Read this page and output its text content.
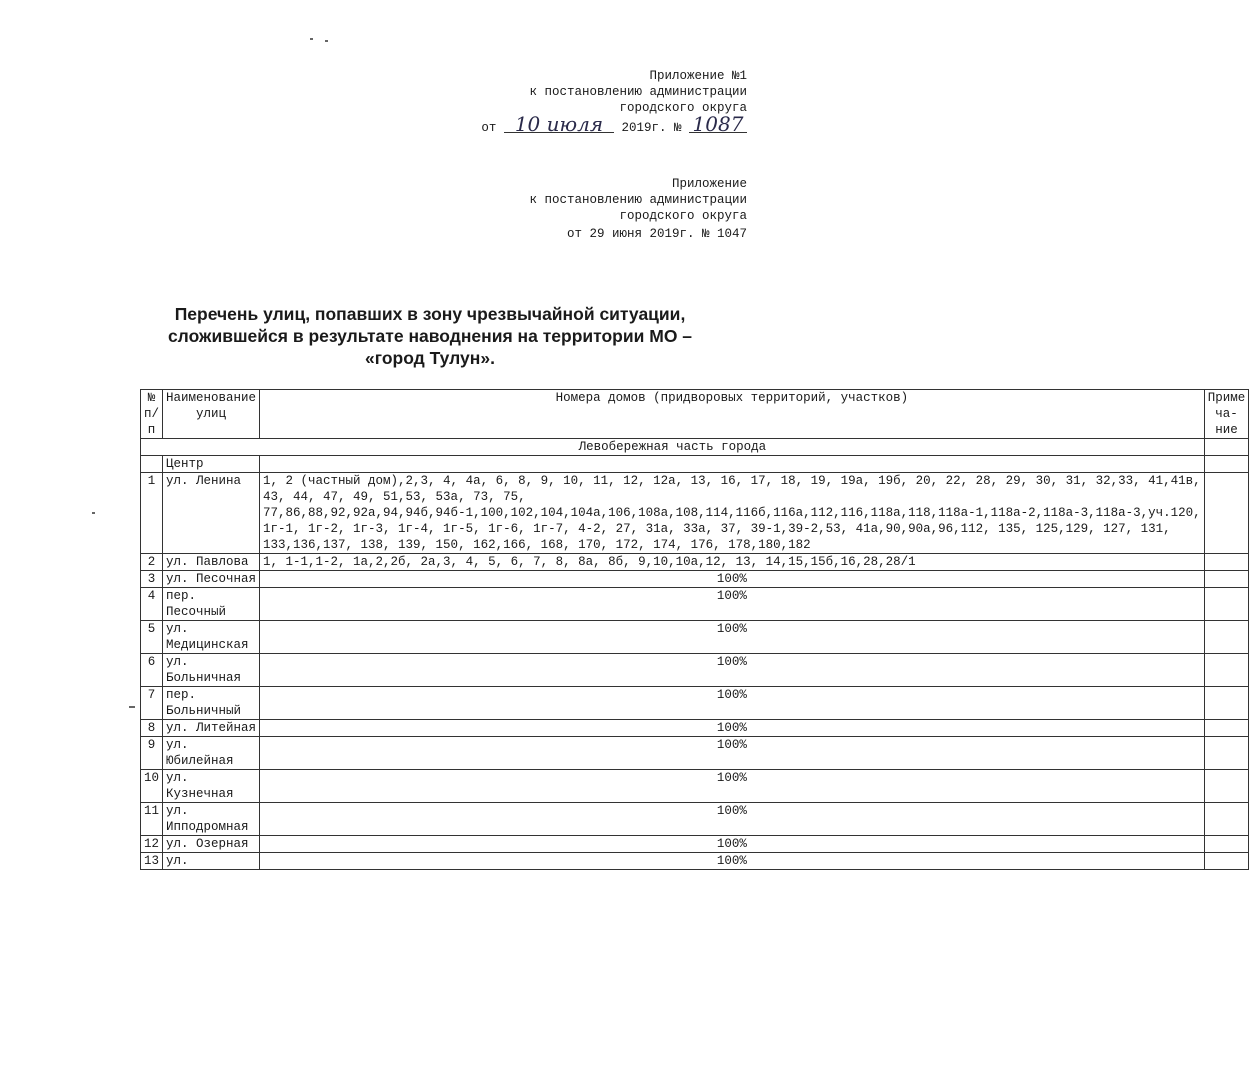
Приложение №1
к постановлению администрации
городского округа
от 10 июля 2019г. № 1087
Приложение
к постановлению администрации
городского округа
от 29 июня 2019г. № 1047
Перечень улиц, попавших в зону чрезвычайной ситуации,
сложившейся в результате наводнения на территории МО –
«город Тулун».
№ п/п	Наименование улиц	Номера домов (придворовых территорий, участков)	Приме ча- ние
Левобережная часть города			
	Центр		
1	ул. Ленина	1, 2 (частный дом),2,3, 4, 4а, 6, 8, 9, 10, 11, 12, 12а, 13, 16, 17, 18, 19, 19а, 19б, 20, 22, 28, 29, 30, 31, 32,33, 41,41в, 43, 44, 47, 49, 51,53, 53а, 73, 75, 77,86,88,92,92а,94,94б,94б-1,100,102,104,104а,106,108а,108,114,116б,116а,112,116,118а,118,118а-1,118а-2,118а-3,118а-3,уч.120, 1г-1, 1г-2, 1г-3, 1г-4, 1г-5, 1г-6, 1г-7, 4-2, 27, 31а, 33а, 37, 39-1,39-2,53, 41а,90,90а,96,112, 135, 125,129, 127, 131, 133,136,137, 138, 139, 150, 162,166, 168, 170, 172, 174, 176, 178,180,182	
2	ул. Павлова	1, 1-1,1-2, 1а,2,2б, 2а,3, 4, 5, 6, 7, 8, 8а, 8б, 9,10,10а,12, 13, 14,15,15б,16,28,28/1	
3	ул. Песочная	100%	
4	пер. Песочный	100%	
5	ул. Медицинская	100%	
6	ул. Больничная	100%	
7	пер. Больничный	100%	
8	ул. Литейная	100%	
9	ул. Юбилейная	100%	
10	ул. Кузнечная	100%	
11	ул. Ипподромная	100%	
12	ул. Озерная	100%	
13	ул.	100%	
